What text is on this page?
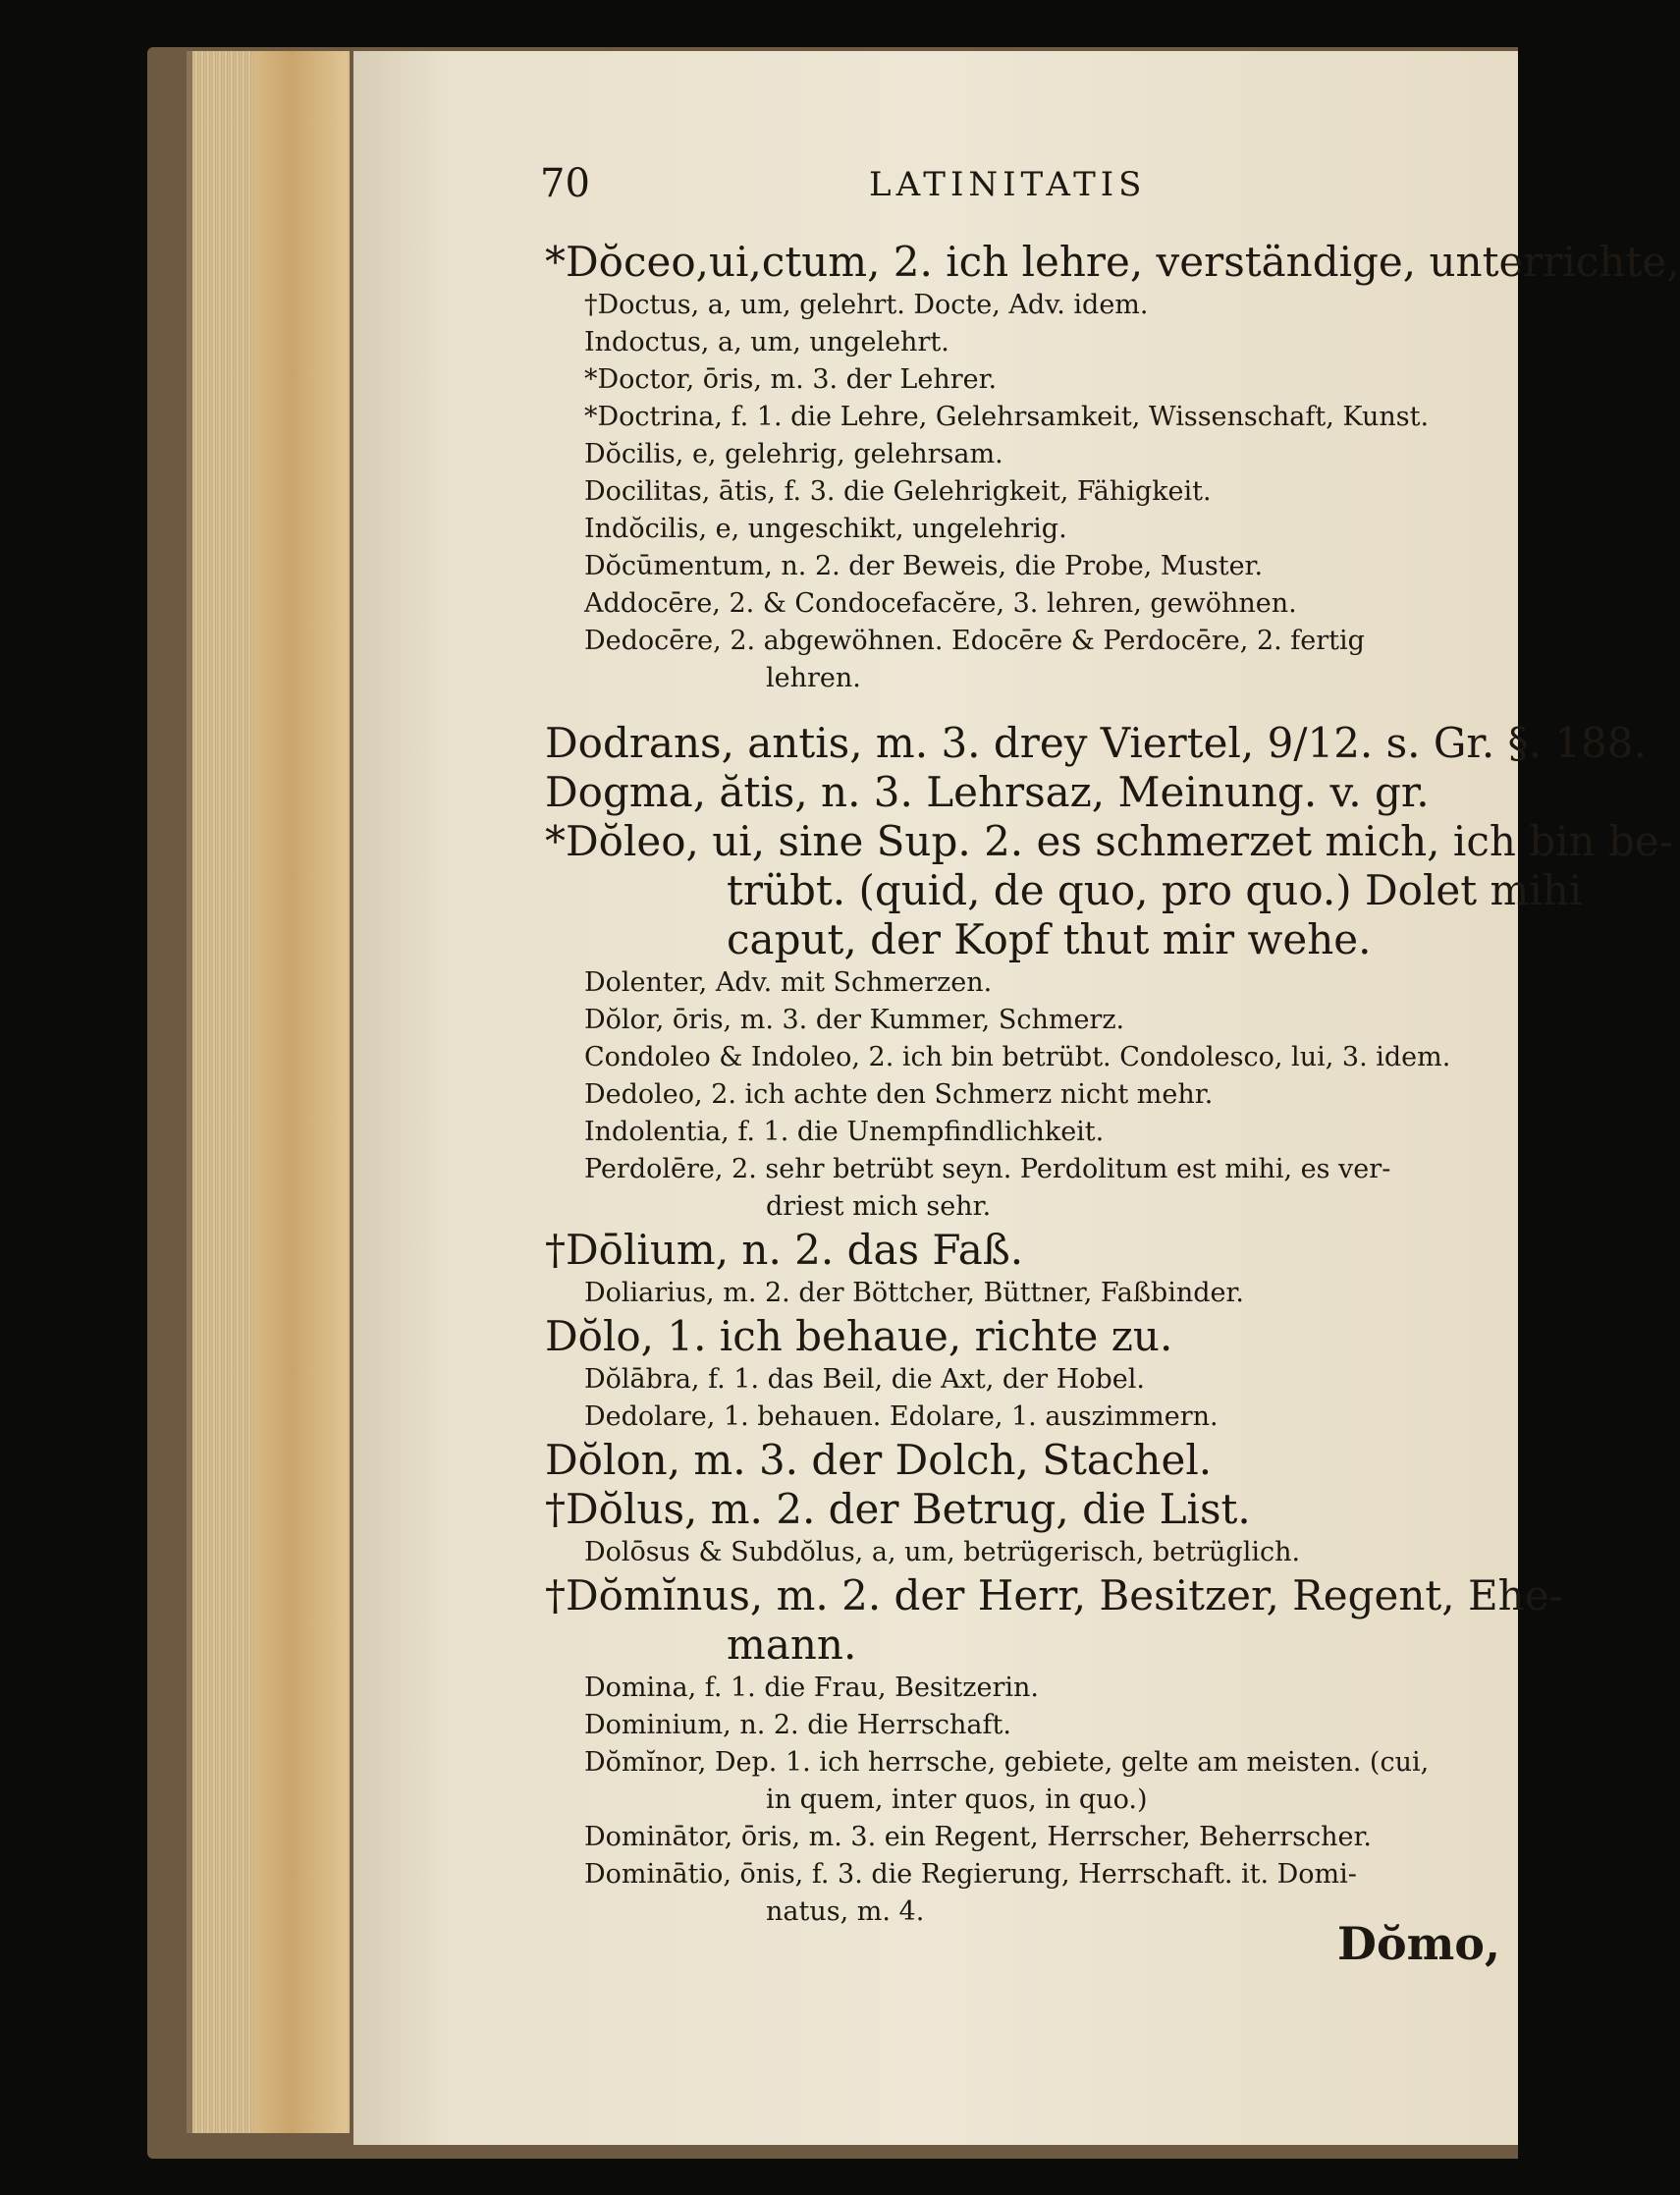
70	LATINITATIS
*Dŏceo,ui,ctum, 2. ich lehre, verständige, unterrichte,
†Doctus, a, um, gelehrt. Docte, Adv. idem.
Indoctus, a, um, ungelehrt.
*Doctor, ōris, m. 3. der Lehrer.
*Doctrina, f. 1. die Lehre, Gelehrsamkeit, Wissenschaft, Kunst.
Dŏcilis, e, gelehrig, gelehrsam.
Docilitas, ātis, f. 3. die Gelehrigkeit, Fähigkeit.
Indŏcilis, e, ungeschikt, ungelehrig.
Dŏcūmentum, n. 2. der Beweis, die Probe, Muster.
Addocēre, 2. & Condocefacĕre, 3. lehren, gewöhnen.
Dedocēre, 2. abgewöhnen. Edocēre & Perdocēre, 2. fertig
lehren.
Dodrans, antis, m. 3. drey Viertel, 9/12. s. Gr. §. 188.
Dogma, ătis, n. 3. Lehrsaz, Meinung. v. gr.
*Dŏleo, ui, sine Sup. 2. es schmerzet mich, ich bin be-
trübt. (quid, de quo, pro quo.) Dolet mihi
caput, der Kopf thut mir wehe.
Dolenter, Adv. mit Schmerzen.
Dŏlor, ōris, m. 3. der Kummer, Schmerz.
Condoleo & Indoleo, 2. ich bin betrübt. Condolesco, lui, 3. idem.
Dedoleo, 2. ich achte den Schmerz nicht mehr.
Indolentia, f. 1. die Unempfindlichkeit.
Perdolēre, 2. sehr betrübt seyn. Perdolitum est mihi, es ver-
driest mich sehr.
†Dōlium, n. 2. das Faß.
Doliarius, m. 2. der Böttcher, Büttner, Faßbinder.
Dŏlo, 1. ich behaue, richte zu.
Dŏlābra, f. 1. das Beil, die Axt, der Hobel.
Dedolare, 1. behauen. Edolare, 1. auszimmern.
Dŏlon, m. 3. der Dolch, Stachel.
†Dŏlus, m. 2. der Betrug, die List.
Dolōsus & Subdŏlus, a, um, betrügerisch, betrüglich.
†Dŏmĭnus, m. 2. der Herr, Besitzer, Regent, Ehe-
mann.
Domina, f. 1. die Frau, Besitzerin.
Dominium, n. 2. die Herrschaft.
Dŏmĭnor, Dep. 1. ich herrsche, gebiete, gelte am meisten. (cui,
in quem, inter quos, in quo.)
Dominātor, ōris, m. 3. ein Regent, Herrscher, Beherrscher.
Dominātio, ōnis, f. 3. die Regierung, Herrschaft. it. Domi-
natus, m. 4.
Dŏmo,
